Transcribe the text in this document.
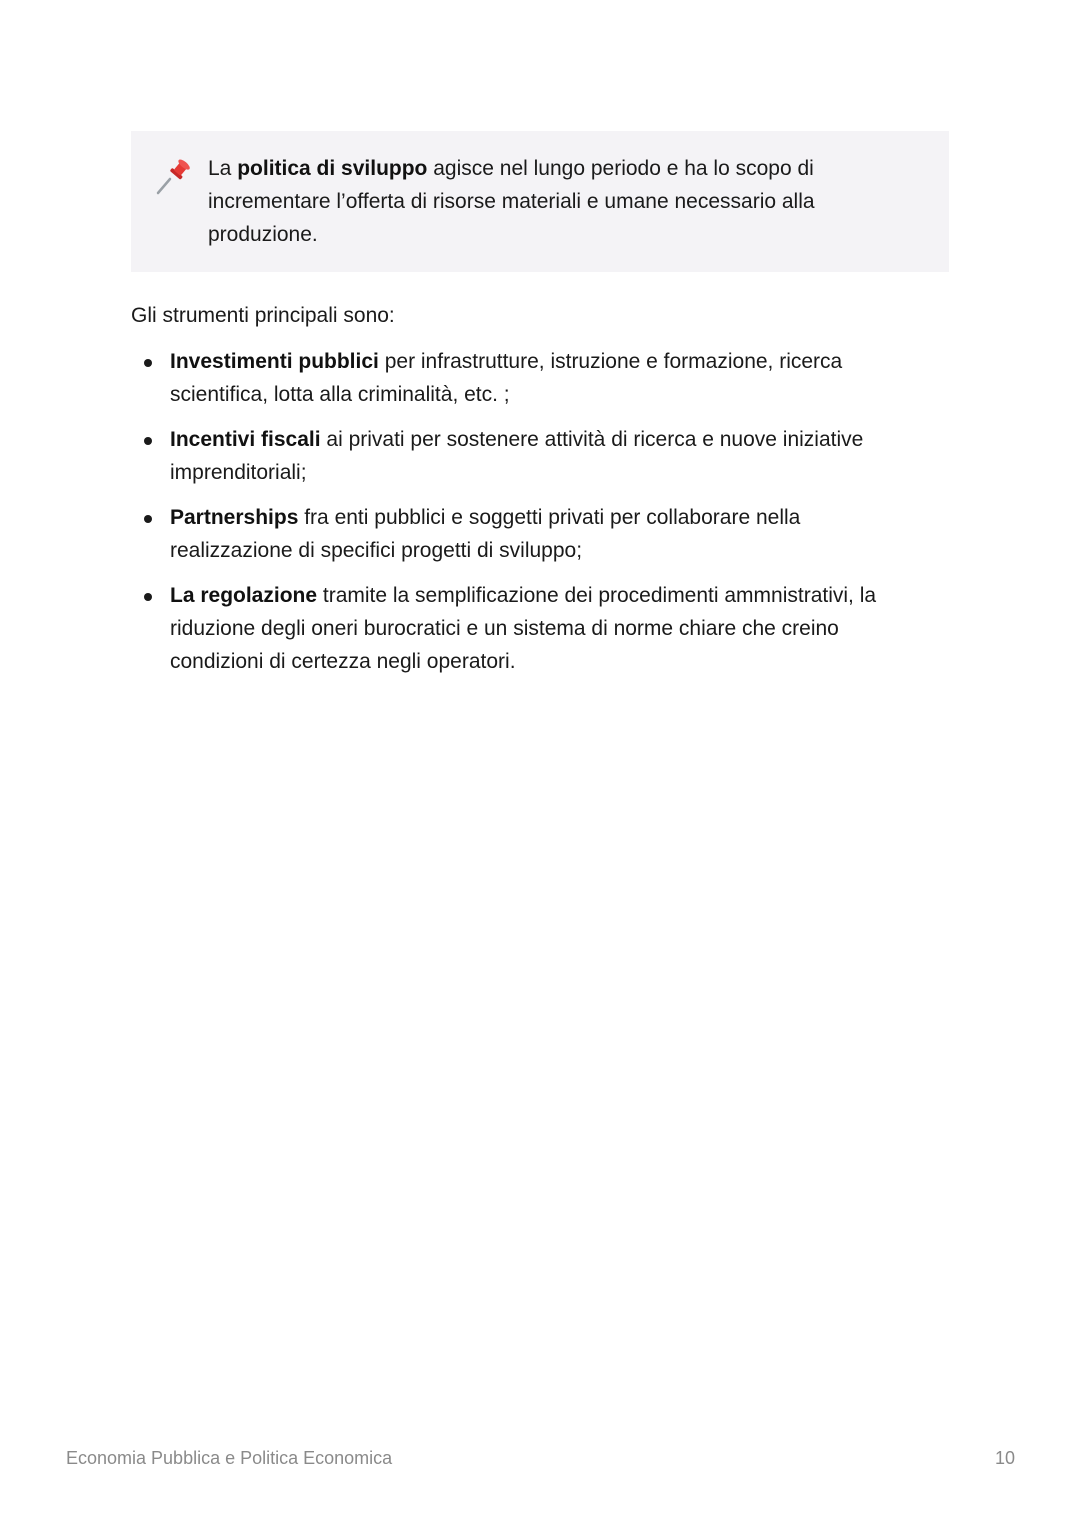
La politica di sviluppo agisce nel lungo periodo e ha lo scopo di incrementare l’offerta di risorse materiali e umane necessario alla produzione.

Gli strumenti principali sono:

Investimenti pubblici per infrastrutture, istruzione e formazione, ricerca scientifica, lotta alla criminalità, etc. ;
Incentivi fiscali ai privati per sostenere attività di ricerca e nuove iniziative imprenditoriali;
Partnerships fra enti pubblici e soggetti privati per collaborare nella realizzazione di specifici progetti di sviluppo;
La regolazione tramite la semplificazione dei procedimenti ammnistrativi, la riduzione degli oneri burocratici e un sistema di norme chiare che creino condizioni di certezza negli operatori.
Economia Pubblica e Politica Economica	10
